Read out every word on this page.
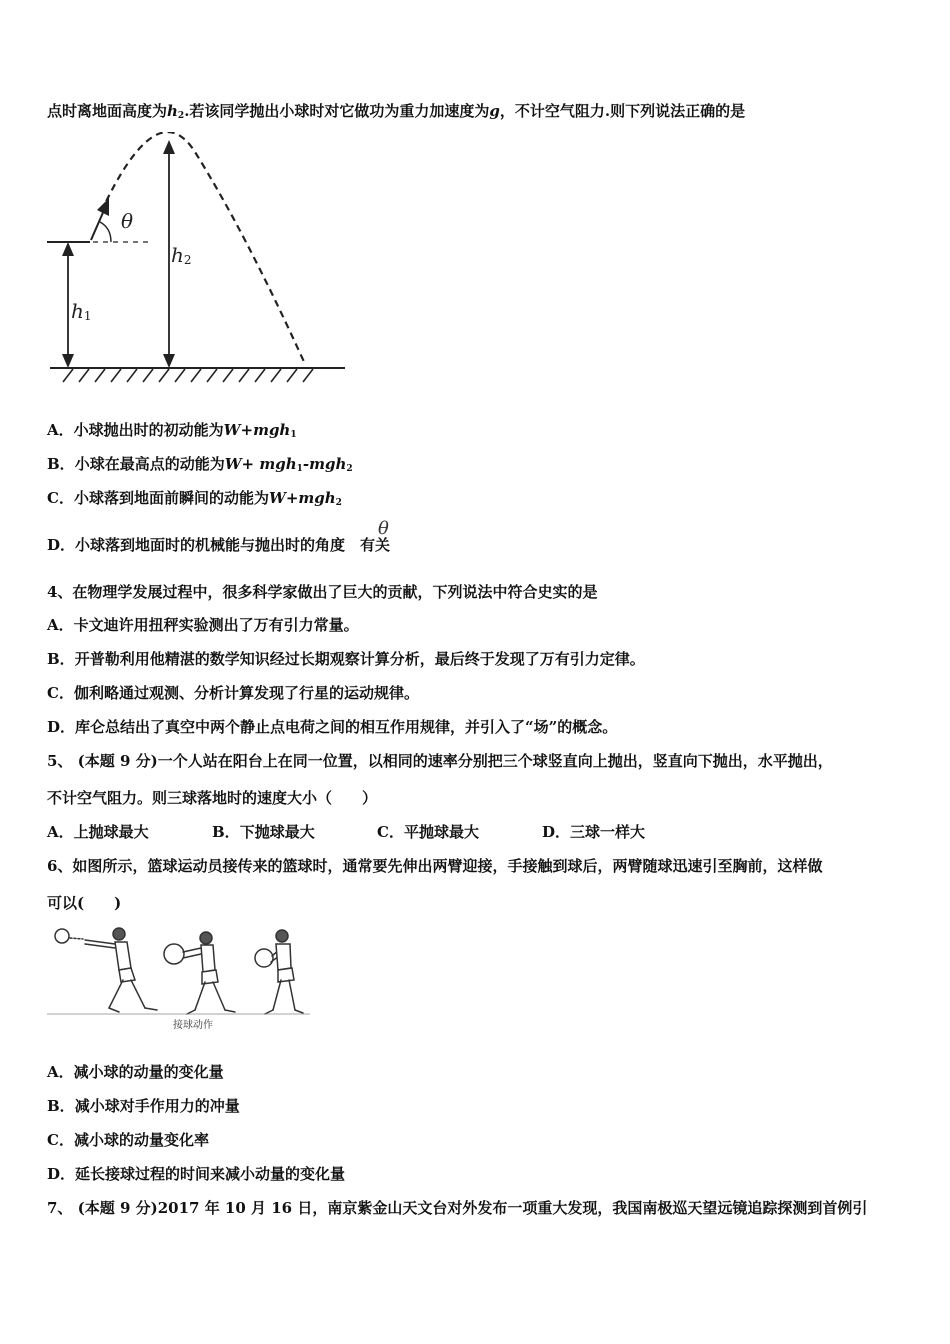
点时离地面高度为$h_2$.若该同学抛出小球时对它做功为重力加速度为g，不计空气阻力.则下列说法正确的是
h1
h2
θ
A．小球抛出时的初动能为W+mgh$_1$
B．小球在最高点的动能为W+ mgh$_1$-mgh$_2$
C．小球落到地面前瞬间的动能为W+mgh$_2$
D．小球落到地面时的机械能与抛出时的角度 有关
θ
4、在物理学发展过程中，很多科学家做出了巨大的贡献，下列说法中符合史实的是
A．卡文迪许用扭秤实验测出了万有引力常量。
B．开普勒利用他精湛的数学知识经过长期观察计算分析，最后终于发现了万有引力定律。
C．伽利略通过观测、分析计算发现了行星的运动规律。
D．库仑总结出了真空中两个静止点电荷之间的相互作用规律，并引入了“场”的概念。
5、 (本题 9 分)一个人站在阳台上在同一位置，以相同的速率分别把三个球竖直向上抛出，竖直向下抛出，水平抛出，
不计空气阻力。则三球落地时的速度大小（　　）
A．上抛球最大	B．下抛球最大	C．平抛球最大	D．三球一样大
6、如图所示，篮球运动员接传来的篮球时，通常要先伸出两臂迎接，手接触到球后，两臂随球迅速引至胸前，这样做
可以(　　)
接球动作
A．减小球的动量的变化量
B．减小球对手作用力的冲量
C．减小球的动量变化率
D．延长接球过程的时间来减小动量的变化量
7、 (本题 9 分)2017 年 10 月 16 日，南京紫金山天文台对外发布一项重大发现，我国南极巡天望远镜追踪探测到首例引
